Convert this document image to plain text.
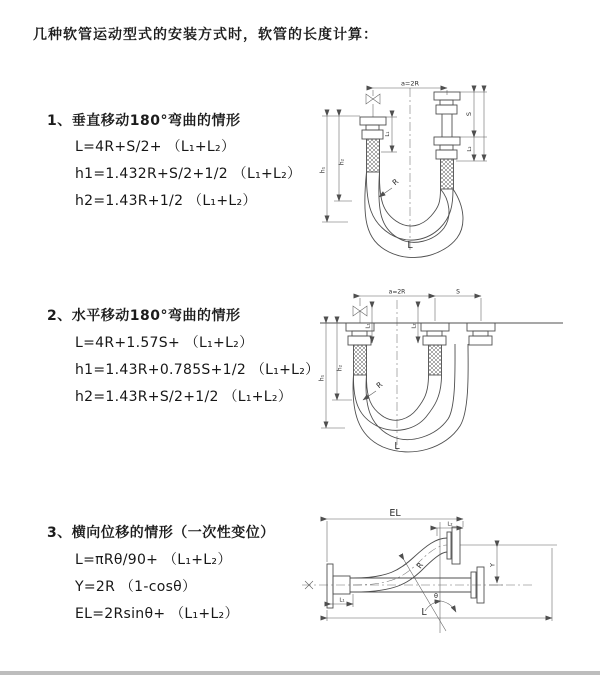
几种软管运动型式的安装方式时，软管的长度计算：
1、垂直移动180°弯曲的情形
L=4R+S/2+ （L₁+L₂）
h1=1.432R+S/2+1/2 （L₁+L₂）
h2=1.43R+1/2 （L₁+L₂）
2、水平移动180°弯曲的情形
L=4R+1.57S+ （L₁+L₂）
h1=1.43R+0.785S+1/2 （L₁+L₂）
h2=1.43R+S/2+1/2 （L₁+L₂）
3、横向位移的情形（一次性变位）
L=πRθ/90+ （L₁+L₂）
Y=2R （1-cosθ）
EL=2Rsinθ+ （L₁+L₂）
a=2R
S
L₂
L₁
h₁
h₂
R
L
a=2R	S
L₁	L₂
h₁
h₂
R
L
EL
L₂
Y
θ
R
L₁
L
